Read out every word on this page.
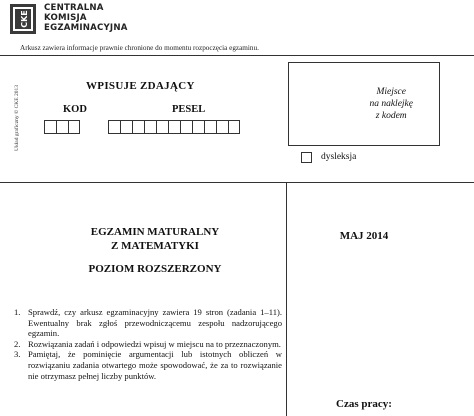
CKE
CENTRALNA
KOMISJA
EGZAMINACYJNA
Arkusz zawiera informacje prawnie chronione do momentu rozpoczęcia egzaminu.
Układ graficzny © CKE 2013	WPISUJE ZDAJĄCY
KOD	PESEL
Miejsce
na naklejkę
z kodem
dysleksja
EGZAMIN MATURALNY
Z MATEMATYKI
POZIOM ROZSZERZONY
MAJ 2014
1. Sprawdź, czy arkusz egzaminacyjny zawiera 19 stron (zadania 1–11). Ewentualny brak zgłoś przewodniczącemu zespołu nadzorującego egzamin.
2. Rozwiązania zadań i odpowiedzi wpisuj w miejscu na to przeznaczonym.
3. Pamiętaj, że pominięcie argumentacji lub istotnych obliczeń w rozwiązaniu zadania otwartego może spowodować, że za to rozwiązanie nie otrzymasz pełnej liczby punktów.
Czas pracy:
